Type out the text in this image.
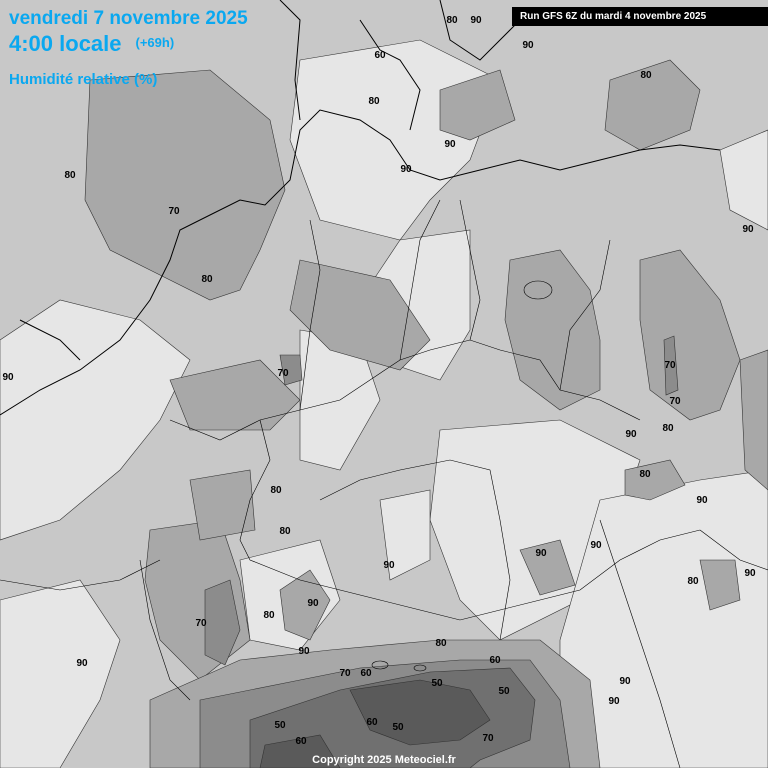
90
60
80
80
90
80
80
90
70
80
90
90
70
70
70
90
80
80
90
80
90
80
90
90
90
80
90
70
80
90
80
90
60
70 60
50
50
50	60 50
60	70
90
90
90
vendredi 7 novembre 2025
4:00 locale (+69h)
Humidité relative (%)
Run GFS 6Z du mardi 4 novembre 2025
Copyright 2025 Meteociel.fr
